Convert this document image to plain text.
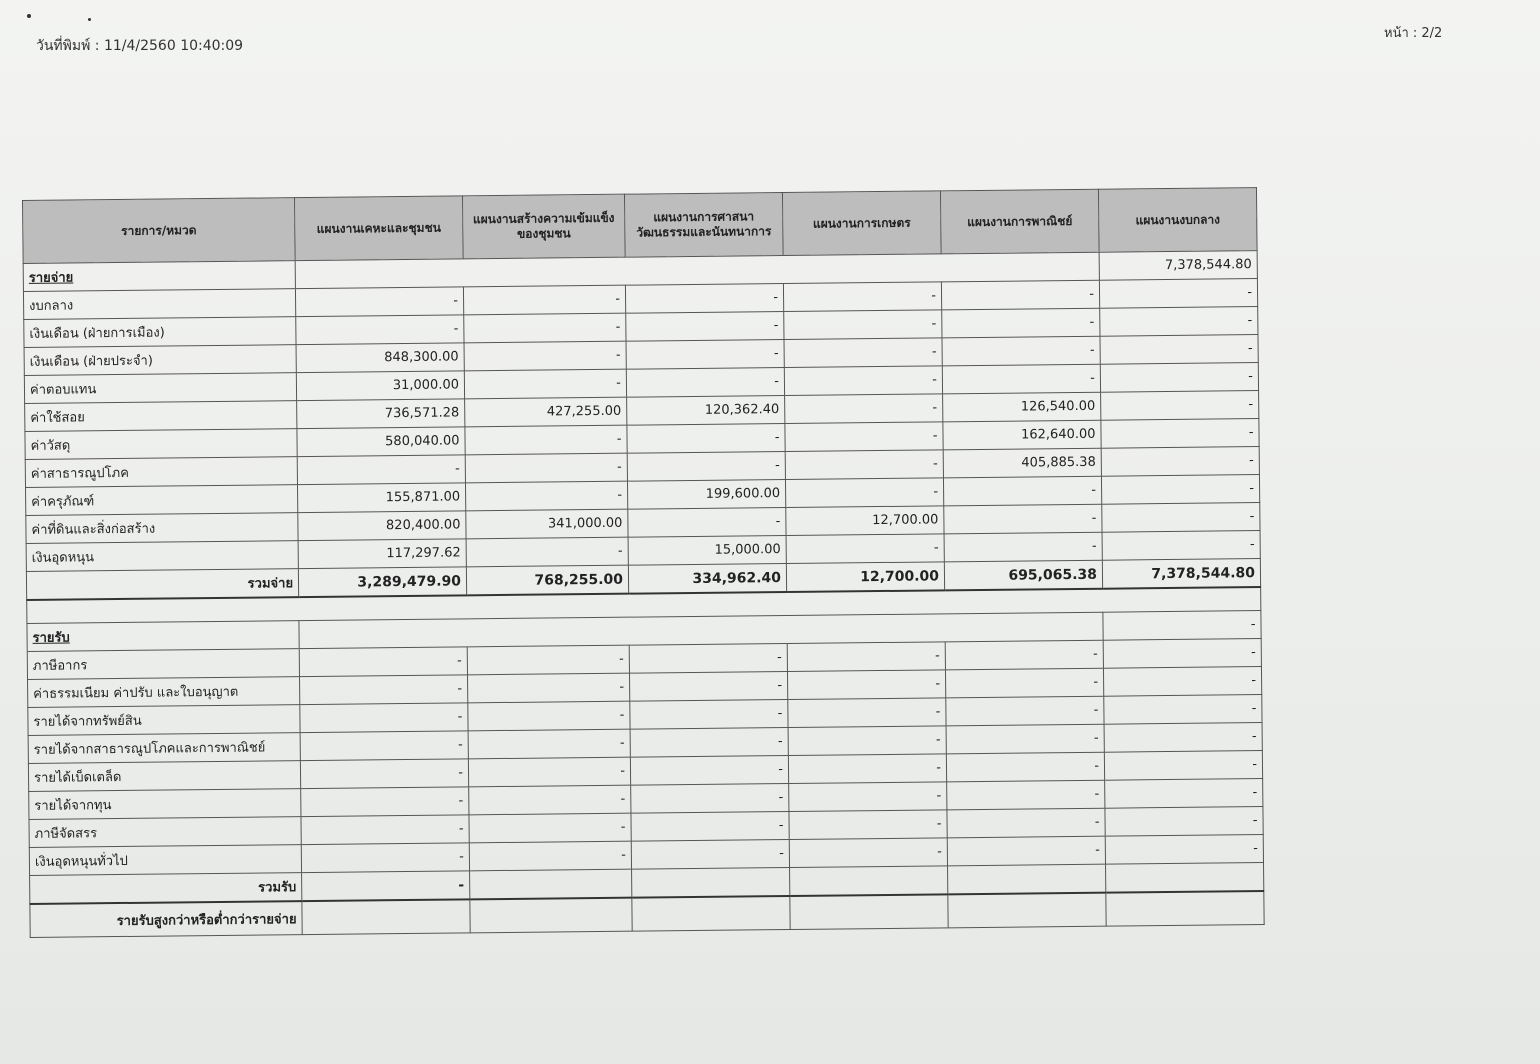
วันที่พิมพ์ : 11/4/2560 10:40:09
หน้า : 2/2
รายการ/หมวด	แผนงานเคหะและชุมชน	แผนงานสร้างความเข้มแข็งของชุมชน	แผนงานการศาสนา วัฒนธรรมและนันทนาการ	แผนงานการเกษตร	แผนงานการพาณิชย์	แผนงานงบกลาง
รายจ่าย						7,378,544.80
งบกลาง	-	-	-	-	-	-
เงินเดือน (ฝ่ายการเมือง)	-	-	-	-	-	-
เงินเดือน (ฝ่ายประจำ)	848,300.00	-	-	-	-	-
ค่าตอบแทน	31,000.00	-	-	-	-	-
ค่าใช้สอย	736,571.28	427,255.00	120,362.40	-	126,540.00	-
ค่าวัสดุ	580,040.00	-	-	-	162,640.00	-
ค่าสาธารณูปโภค	-	-	-	-	405,885.38	-
ค่าครุภัณฑ์	155,871.00	-	199,600.00	-	-	-
ค่าที่ดินและสิ่งก่อสร้าง	820,400.00	341,000.00	-	12,700.00	-	-
เงินอุดหนุน	117,297.62	-	15,000.00	-	-	-
รวมจ่าย	3,289,479.90	768,255.00	334,962.40	12,700.00	695,065.38	7,378,544.80

รายรับ						-
ภาษีอากร	-	-	-	-	-	-
ค่าธรรมเนียม ค่าปรับ และใบอนุญาต	-	-	-	-	-	-
รายได้จากทรัพย์สิน	-	-	-	-	-	-
รายได้จากสาธารณูปโภคและการพาณิชย์	-	-	-	-	-	-
รายได้เบ็ดเตล็ด	-	-	-	-	-	-
รายได้จากทุน	-	-	-	-	-	-
ภาษีจัดสรร	-	-	-	-	-	-
เงินอุดหนุนทั่วไป	-	-	-	-	-	-
รวมรับ	-					
รายรับสูงกว่าหรือต่ำกว่ารายจ่าย						
